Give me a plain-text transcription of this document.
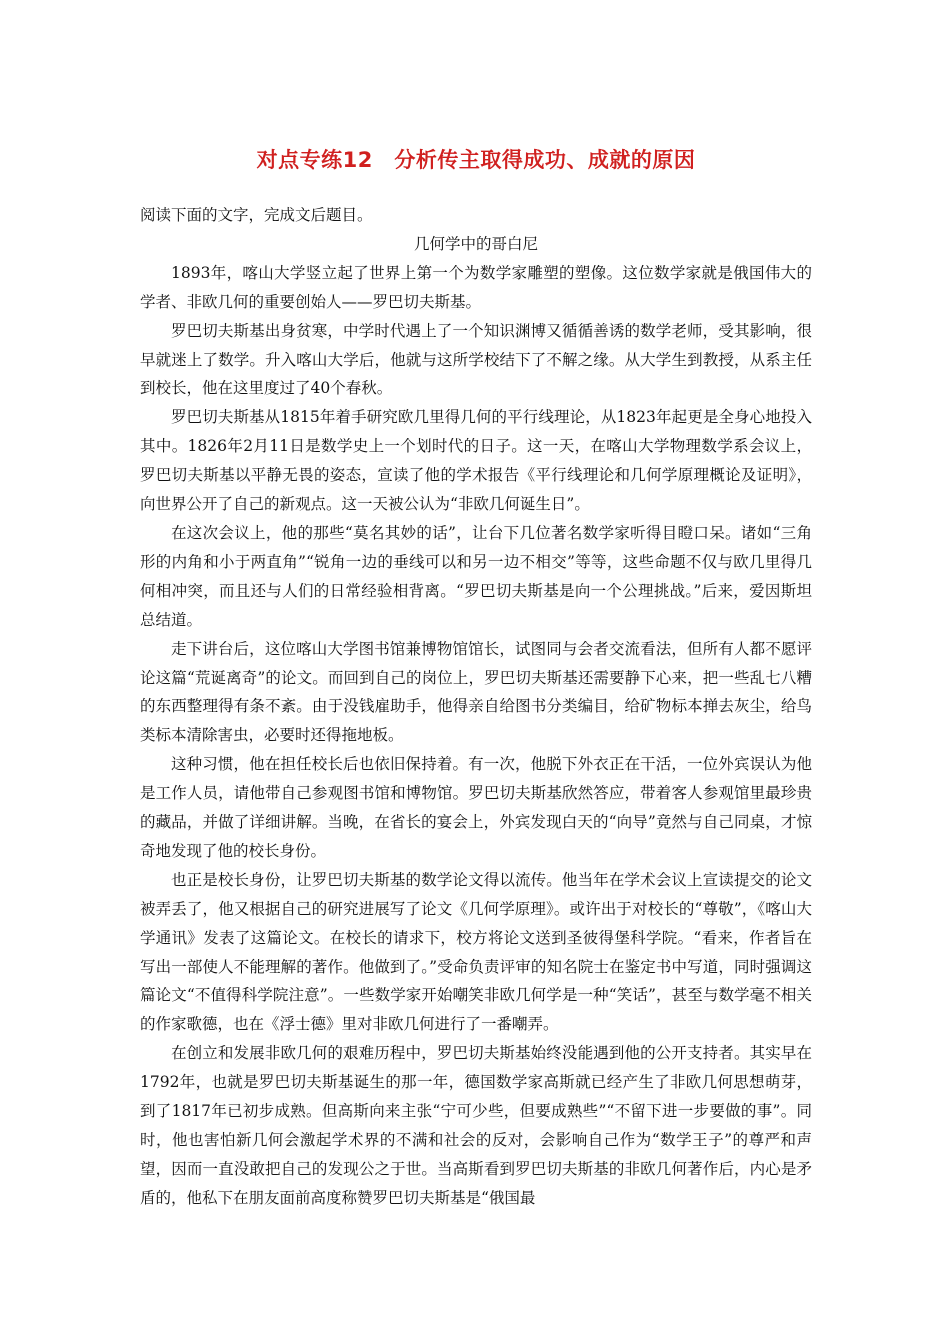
对点专练12　分析传主取得成功、成就的原因

阅读下面的文字，完成文后题目。

几何学中的哥白尼

1893年，喀山大学竖立起了世界上第一个为数学家雕塑的塑像。这位数学家就是俄国伟大的学者、非欧几何的重要创始人——罗巴切夫斯基。

罗巴切夫斯基出身贫寒，中学时代遇上了一个知识渊博又循循善诱的数学老师，受其影响，很早就迷上了数学。升入喀山大学后，他就与这所学校结下了不解之缘。从大学生到教授，从系主任到校长，他在这里度过了40个春秋。

罗巴切夫斯基从1815年着手研究欧几里得几何的平行线理论，从1823年起更是全身心地投入其中。1826年2月11日是数学史上一个划时代的日子。这一天，在喀山大学物理数学系会议上，罗巴切夫斯基以平静无畏的姿态，宣读了他的学术报告《平行线理论和几何学原理概论及证明》，向世界公开了自己的新观点。这一天被公认为“非欧几何诞生日”。

在这次会议上，他的那些“莫名其妙的话”，让台下几位著名数学家听得目瞪口呆。诸如“三角形的内角和小于两直角”“锐角一边的垂线可以和另一边不相交”等等，这些命题不仅与欧几里得几何相冲突，而且还与人们的日常经验相背离。“罗巴切夫斯基是向一个公理挑战。”后来，爱因斯坦总结道。

走下讲台后，这位喀山大学图书馆兼博物馆馆长，试图同与会者交流看法，但所有人都不愿评论这篇“荒诞离奇”的论文。而回到自己的岗位上，罗巴切夫斯基还需要静下心来，把一些乱七八糟的东西整理得有条不紊。由于没钱雇助手，他得亲自给图书分类编目，给矿物标本掸去灰尘，给鸟类标本清除害虫，必要时还得拖地板。

这种习惯，他在担任校长后也依旧保持着。有一次，他脱下外衣正在干活，一位外宾误认为他是工作人员，请他带自己参观图书馆和博物馆。罗巴切夫斯基欣然答应，带着客人参观馆里最珍贵的藏品，并做了详细讲解。当晚，在省长的宴会上，外宾发现白天的“向导”竟然与自己同桌，才惊奇地发现了他的校长身份。

也正是校长身份，让罗巴切夫斯基的数学论文得以流传。他当年在学术会议上宣读提交的论文被弄丢了，他又根据自己的研究进展写了论文《几何学原理》。或许出于对校长的“尊敬”，《喀山大学通讯》发表了这篇论文。在校长的请求下，校方将论文送到圣彼得堡科学院。“看来，作者旨在写出一部使人不能理解的著作。他做到了。”受命负责评审的知名院士在鉴定书中写道，同时强调这篇论文“不值得科学院注意”。一些数学家开始嘲笑非欧几何学是一种“笑话”，甚至与数学毫不相关的作家歌德，也在《浮士德》里对非欧几何进行了一番嘲弄。

在创立和发展非欧几何的艰难历程中，罗巴切夫斯基始终没能遇到他的公开支持者。其实早在1792年，也就是罗巴切夫斯基诞生的那一年，德国数学家高斯就已经产生了非欧几何思想萌芽，到了1817年已初步成熟。但高斯向来主张“宁可少些，但要成熟些”“不留下进一步要做的事”。同时，他也害怕新几何会激起学术界的不满和社会的反对，会影响自己作为“数学王子”的尊严和声望，因而一直没敢把自己的发现公之于世。当高斯看到罗巴切夫斯基的非欧几何著作后，内心是矛盾的，他私下在朋友面前高度称赞罗巴切夫斯基是“俄国最
